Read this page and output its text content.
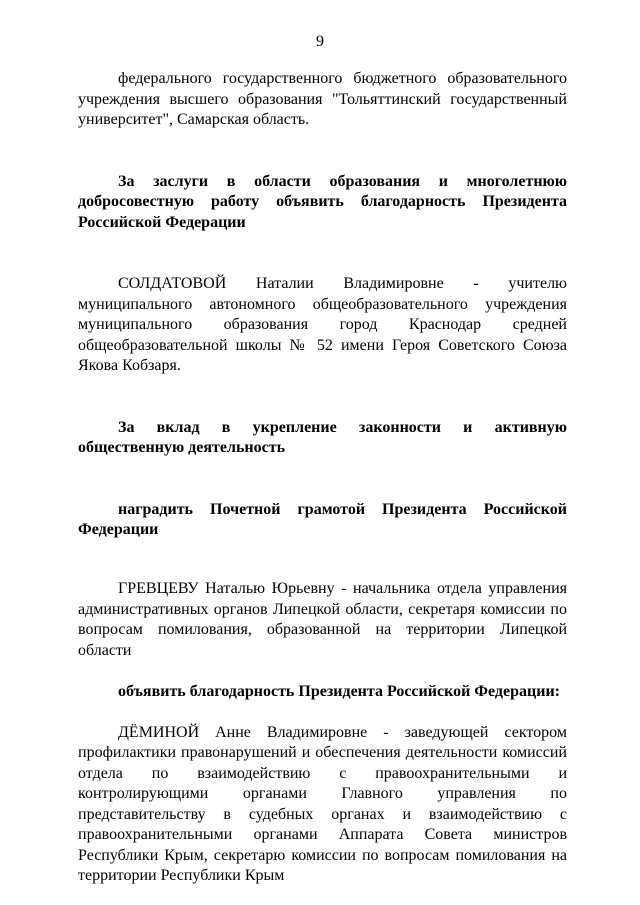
9

федерального государственного бюджетного образовательного учреждения высшего образования "Тольяттинский государственный университет", Самарская область.

За заслуги в области образования и многолетнюю добросовестную работу объявить благодарность Президента Российской Федерации

СОЛДАТОВОЙ Наталии Владимировне - учителю муниципального автономного общеобразовательного учреждения муниципального образования город Краснодар средней общеобразовательной школы № 52 имени Героя Советского Союза Якова Кобзаря.

За вклад в укрепление законности и активную общественную деятельность

наградить Почетной грамотой Президента Российской Федерации

ГРЕВЦЕВУ Наталью Юрьевну - начальника отдела управления административных органов Липецкой области, секретаря комиссии по вопросам помилования, образованной на территории Липецкой области

объявить благодарность Президента Российской Федерации:

ДЁМИНОЙ Анне Владимировне - заведующей сектором профилактики правонарушений и обеспечения деятельности комиссий отдела по взаимодействию с правоохранительными и контролирующими органами Главного управления по представительству в судебных органах и взаимодействию с правоохранительными органами Аппарата Совета министров Республики Крым, секретарю комиссии по вопросам помилования на территории Республики Крым
